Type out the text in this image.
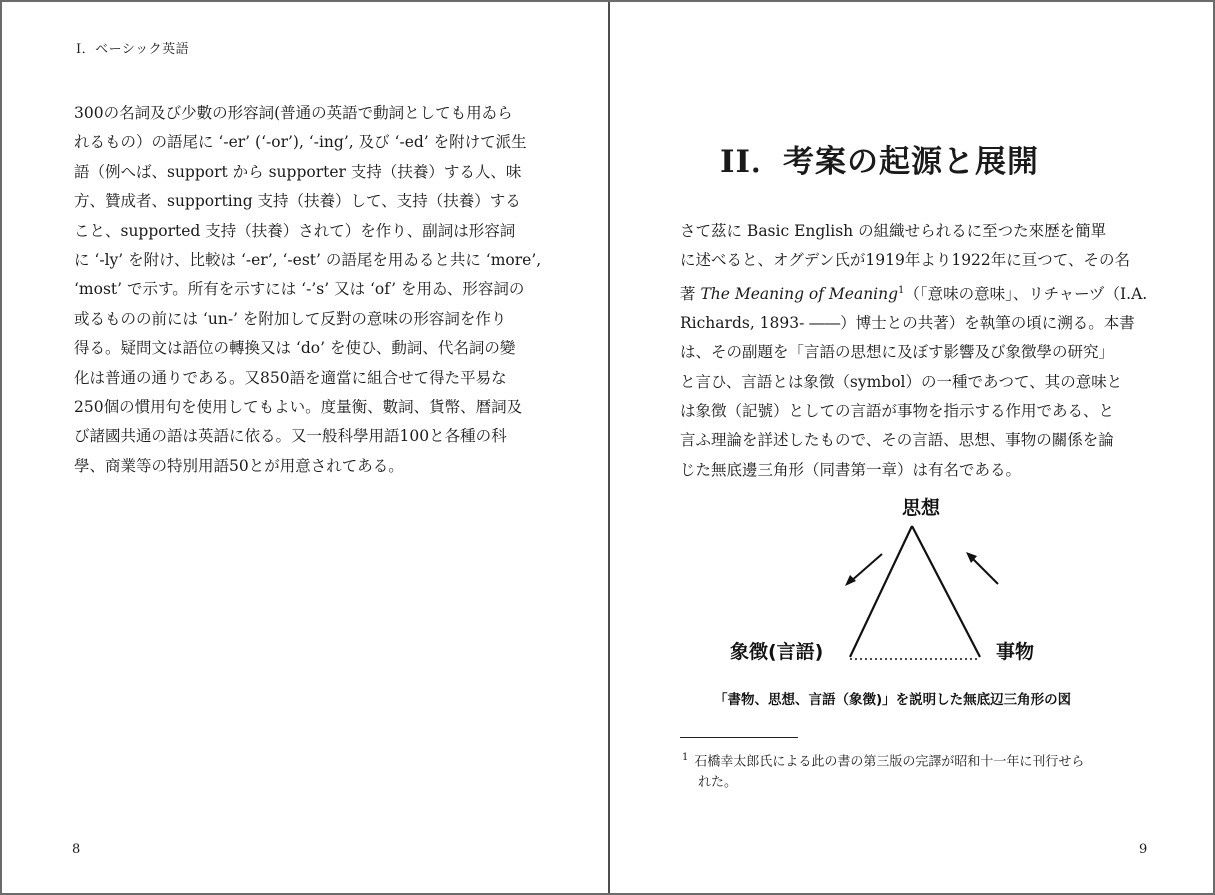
I．ベーシック英語

300の名詞及び少數の形容詞(普通の英語で動詞としても用ゐら
れるもの）の語尾に ‘-er’ (‘-or’), ‘-ing’, 及び ‘-ed’ を附けて派生
語（例へば、support から supporter 支持（扶養）する人、味
方、贊成者、supporting 支持（扶養）して、支持（扶養）する
こと、supported 支持（扶養）されて）を作り、副詞は形容詞
に ‘-ly’ を附け、比較は ‘-er’, ‘-est’ の語尾を用ゐると共に ‘more’,
‘most’ で示す。所有を示すには ‘-’s’ 又は ‘of’ を用ゐ、形容詞の
或るものの前には ‘un-’ を附加して反對の意味の形容詞を作り
得る。疑問文は語位の轉換又は ‘do’ を使ひ、動詞、代名詞の變
化は普通の通りである。又850語を適當に組合せて得た平易な
250個の慣用句を使用してもよい。度量衡、數詞、貨幣、暦詞及
び諸國共通の語は英語に依る。又一般科學用語100と各種の科
學、商業等の特別用語50とが用意されてある。

8
II．考案の起源と展開

さて茲に Basic English の組織せられるに至つた來歴を簡單
に述べると、オグデン氏が1919年より1922年に亘つて、その名
著 The Meaning of Meaning$^1$（｢意味の意味｣、リチャーヅ（I.A.
Richards, 1893- ――）博士との共著）を執筆の頃に溯る。本書
は、その副題を「言語の思想に及ぼす影響及び象徴學の研究」
と言ひ、言語とは象徴（symbol）の一種であつて、其の意味と
は象徴（記號）としての言語が事物を指示する作用である、と
言ふ理論を詳述したもので、その言語、思想、事物の關係を論
じた無底邊三角形（同書第一章）は有名である。

思想
象徴(言語)	事物
「書物、思想、言語（象徴)」を説明した無底辺三角形の図

$^1$ 石橋幸太郎氏による此の書の第三版の完譯が昭和十一年に刊行せら
れた。

9
